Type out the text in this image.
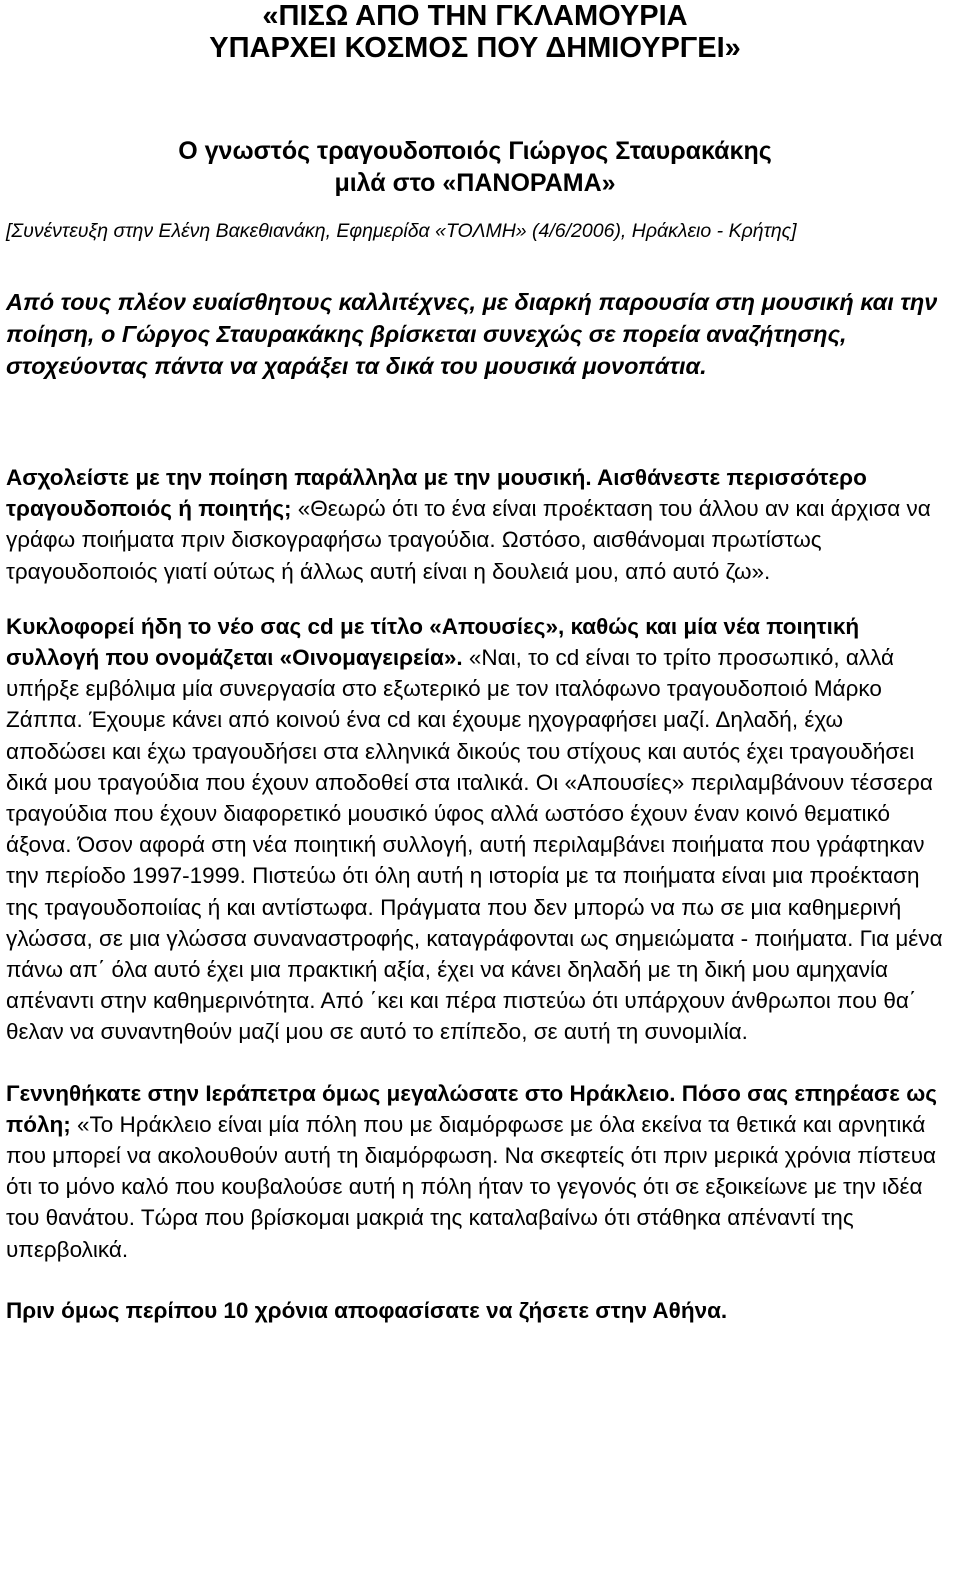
«ΠΙΣΩ ΑΠΟ ΤΗΝ ΓΚΛΑΜΟΥΡΙΑ
ΥΠΑΡΧΕΙ ΚΟΣΜΟΣ ΠΟΥ ΔΗΜΙΟΥΡΓΕΙ»
Ο γνωστός τραγουδοποιός Γιώργος Σταυρακάκης
μιλά στο «ΠΑΝΟΡΑΜΑ»

[Συνέντευξη στην Ελένη Βακεθιανάκη, Εφημερίδα «ΤΟΛΜΗ» (4/6/2006), Ηράκλειο - Κρήτης]

Από τους πλέον ευαίσθητους καλλιτέχνες, με διαρκή παρουσία στη μουσική και την ποίηση, ο Γώργος Σταυρακάκης βρίσκεται συνεχώς σε πορεία αναζήτησης, στοχεύοντας πάντα να χαράξει τα δικά του μουσικά μονοπάτια.

Ασχολείστε με την ποίηση παράλληλα με την μουσική. Αισθάνεστε περισσότερο τραγουδοποιός ή ποιητής; «Θεωρώ ότι το ένα είναι προέκταση του άλλου αν και άρχισα να γράφω ποιήματα πριν δισκογραφήσω τραγούδια. Ωστόσο, αισθάνομαι πρωτίστως τραγουδοποιός γιατί ούτως ή άλλως αυτή είναι η δουλειά μου, από αυτό ζω».

Κυκλοφορεί ήδη το νέο σας cd με τίτλο «Απουσίες», καθώς και μία νέα ποιητική συλλογή που ονομάζεται «Οινομαγειρεία». «Ναι, το cd είναι το τρίτο προσωπικό, αλλά υπήρξε εμβόλιμα μία συνεργασία στο εξωτερικό με τον ιταλόφωνο τραγουδοποιό Μάρκο Ζάππα. Έχουμε κάνει από κοινού ένα cd και έχουμε ηχογραφήσει μαζί. Δηλαδή, έχω αποδώσει και έχω τραγουδήσει στα ελληνικά δικούς του στίχους και αυτός έχει τραγουδήσει δικά μου τραγούδια που έχουν αποδοθεί στα ιταλικά. Οι «Απουσίες» περιλαμβάνουν τέσσερα τραγούδια που έχουν διαφορετικό μουσικό ύφος αλλά ωστόσο έχουν έναν κοινό θεματικό άξονα. Όσον αφορά στη νέα ποιητική συλλογή, αυτή περιλαμβάνει ποιήματα που γράφτηκαν την περίοδο 1997-1999. Πιστεύω ότι όλη αυτή η ιστορία με τα ποιήματα είναι μια προέκταση της τραγουδοποιίας ή και αντίστωφα. Πράγματα που δεν μπορώ να πω σε μια καθημερινή γλώσσα, σε μια γλώσσα συναναστροφής, καταγράφονται ως σημειώματα - ποιήματα. Για μένα πάνω απ΄ όλα αυτό έχει μια πρακτική αξία, έχει να κάνει δηλαδή με τη δική μου αμηχανία απέναντι στην καθημερινότητα. Από ΄κει και πέρα πιστεύω ότι υπάρχουν άνθρωποι που θα΄ θελαν να συναντηθούν μαζί μου σε αυτό το επίπεδο, σε αυτή τη συνομιλία.

Γεννηθήκατε στην Ιεράπετρα όμως μεγαλώσατε στο Ηράκλειο. Πόσο σας επηρέασε ως πόλη; «Το Ηράκλειο είναι μία πόλη που με διαμόρφωσε με όλα εκείνα τα θετικά και αρνητικά που μπορεί να ακολουθούν αυτή τη διαμόρφωση. Να σκεφτείς ότι πριν μερικά χρόνια πίστευα ότι το μόνο καλό που κουβαλούσε αυτή η πόλη ήταν το γεγονός ότι σε εξοικείωνε με την ιδέα του θανάτου. Τώρα που βρίσκομαι μακριά της καταλαβαίνω ότι στάθηκα απέναντί της υπερβολικά.

Πριν όμως περίπου 10 χρόνια αποφασίσατε να ζήσετε στην Αθήνα.
